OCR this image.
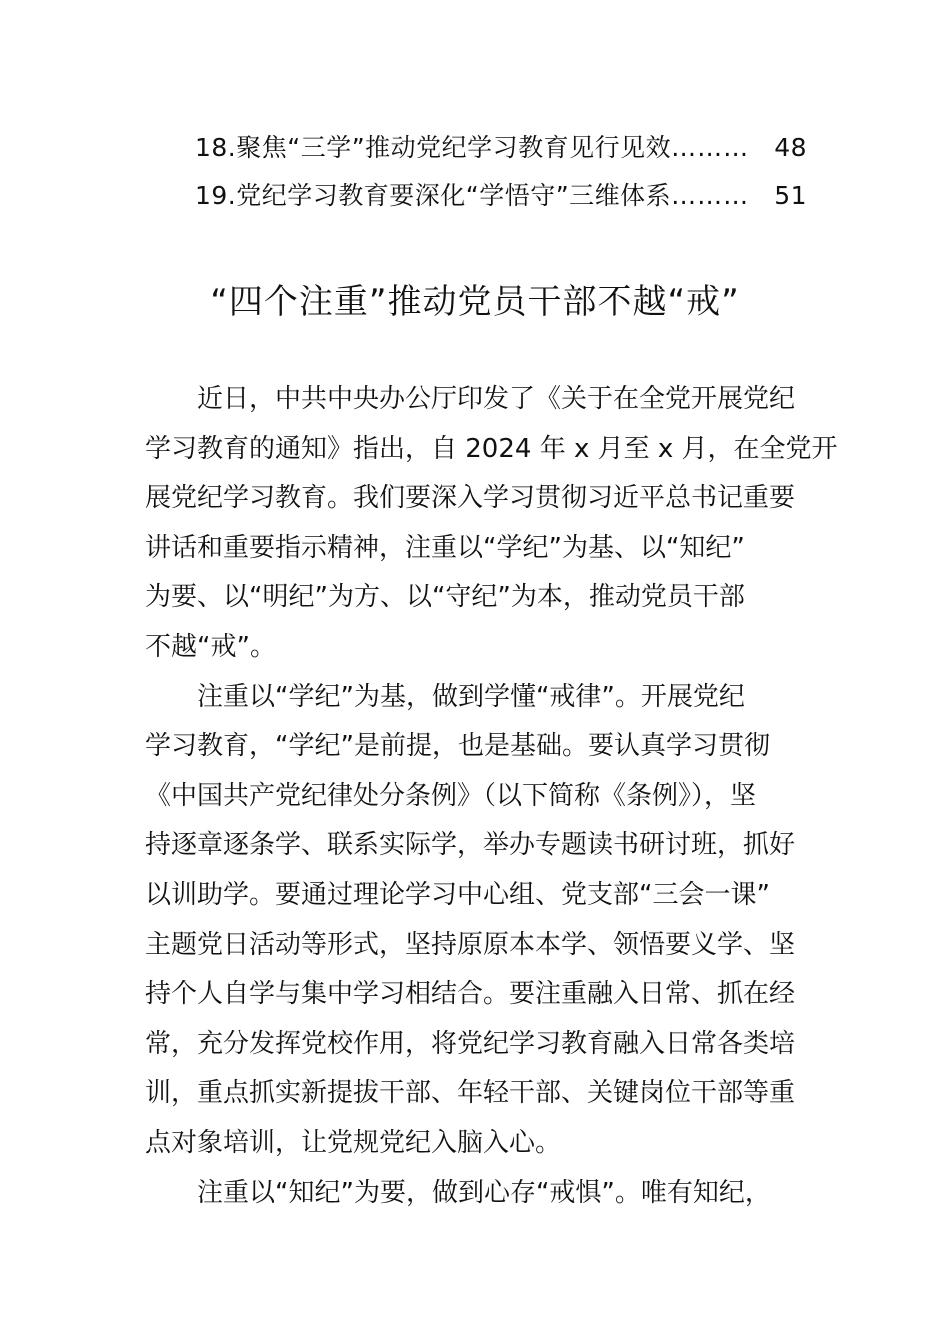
18.聚焦“三学”推动党纪学习教育见行见效 ………	48
19.党纪学习教育要深化“学悟守”三维体系 ………	51
“四个注重”推动党员干部不越“戒”
近日，中共中央办公厅印发了《关于在全党开展党纪
学习教育的通知》指出，自 2024 年 x 月至 x 月，在全党开
展党纪学习教育。我们要深入学习贯彻习近平总书记重要
讲话和重要指示精神，注重以“学纪”为基、以“知纪”
为要、以“明纪”为方、以“守纪”为本，推动党员干部
不越“戒”。
注重以“学纪”为基，做到学懂“戒律”。开展党纪
学习教育，“学纪”是前提，也是基础。要认真学习贯彻
《中国共产党纪律处分条例》（以下简称《条例》），坚
持逐章逐条学、联系实际学，举办专题读书研讨班，抓好
以训助学。要通过理论学习中心组、党支部“三会一课”
主题党日活动等形式，坚持原原本本学、领悟要义学、坚
持个人自学与集中学习相结合。要注重融入日常、抓在经
常，充分发挥党校作用，将党纪学习教育融入日常各类培
训，重点抓实新提拔干部、年轻干部、关键岗位干部等重
点对象培训，让党规党纪入脑入心。
注重以“知纪”为要，做到心存“戒惧”。唯有知纪，
